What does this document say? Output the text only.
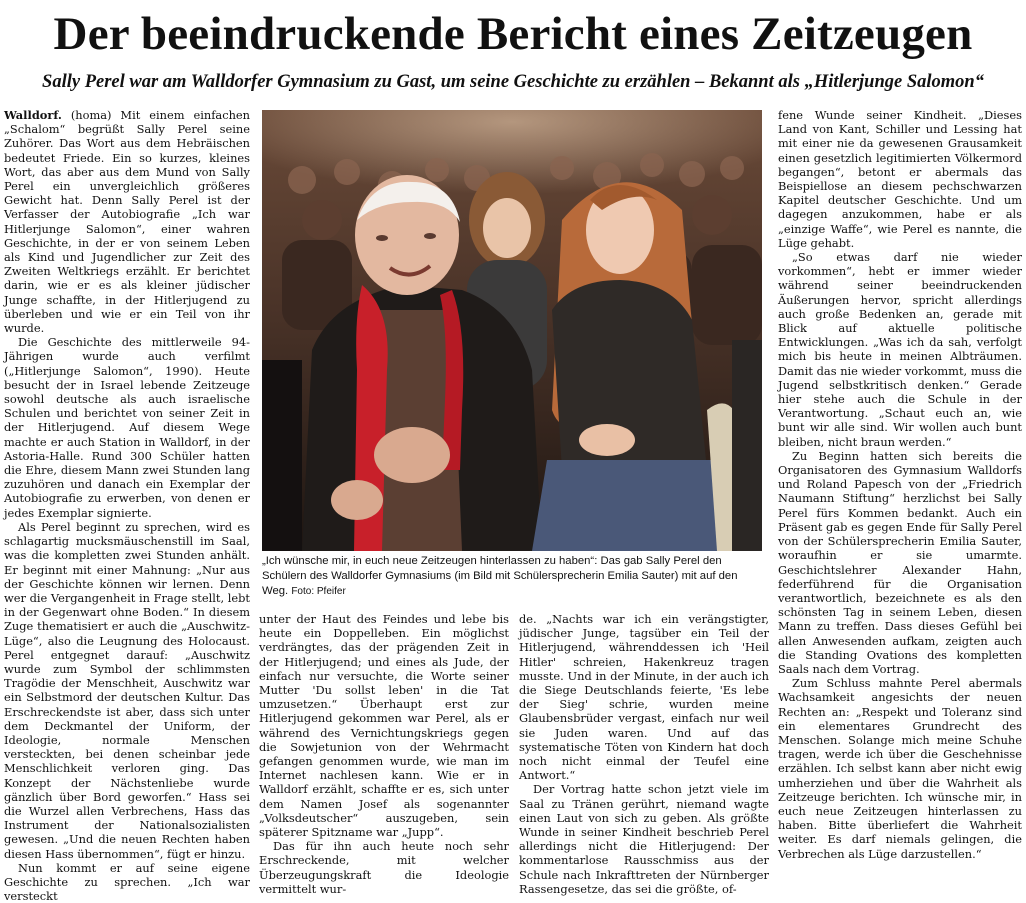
Der beeindruckende Bericht eines Zeitzeugen
Sally Perel war am Walldorfer Gymnasium zu Gast, um seine Geschichte zu erzählen – Bekannt als „Hitlerjunge Salomon“

Walldorf. (homa) Mit einem einfachen „Schalom“ begrüßt Sally Perel seine Zuhörer. Das Wort aus dem Hebräischen bedeutet Friede. Ein so kurzes, kleines Wort, das aber aus dem Mund von Sally Perel ein unvergleichlich größeres Gewicht hat. Denn Sally Perel ist der Verfasser der Autobiografie „Ich war Hitlerjunge Salomon“, einer wahren Geschichte, in der er von seinem Leben als Kind und Jugendlicher zur Zeit des Zweiten Weltkriegs erzählt. Er berichtet darin, wie er es als kleiner jüdischer Junge schaffte, in der Hitlerjugend zu überleben und wie er ein Teil von ihr wurde.

Die Geschichte des mittlerweile 94-Jährigen wurde auch verfilmt („Hitlerjunge Salomon“, 1990). Heute besucht der in Israel lebende Zeitzeuge sowohl deutsche als auch israelische Schulen und berichtet von seiner Zeit in der Hitlerjugend. Auf diesem Wege machte er auch Station in Walldorf, in der Astoria-Halle. Rund 300 Schüler hatten die Ehre, diesem Mann zwei Stunden lang zuzuhören und danach ein Exemplar der Autobiografie zu erwerben, von denen er jedes Exemplar signierte.

Als Perel beginnt zu sprechen, wird es schlagartig mucksmäuschenstill im Saal, was die kompletten zwei Stunden anhält. Er beginnt mit einer Mahnung: „Nur aus der Geschichte können wir lernen. Denn wer die Vergangenheit in Frage stellt, lebt in der Gegenwart ohne Boden.“ In diesem Zuge thematisiert er auch die „Auschwitz-Lüge“, also die Leugnung des Holocaust. Perel entgegnet darauf: „Auschwitz wurde zum Symbol der schlimmsten Tragödie der Menschheit, Auschwitz war ein Selbstmord der deutschen Kultur. Das Erschreckendste ist aber, dass sich unter dem Deckmantel der Uniform, der Ideologie, normale Menschen versteckten, bei denen scheinbar jede Menschlichkeit verloren ging. Das Konzept der Nächstenliebe wurde gänzlich über Bord geworfen.“ Hass sei die Wurzel allen Verbrechens, Hass das Instrument der Nationalsozialisten gewesen. „Und die neuen Rechten haben diesen Hass übernommen“, fügt er hinzu.

Nun kommt er auf seine eigene Geschichte zu sprechen. „Ich war versteckt

„Ich wünsche mir, in euch neue Zeitzeugen hinterlassen zu haben“: Das gab Sally Perel den Schülern des Walldorfer Gymnasiums (im Bild mit Schülersprecherin Emilia Sauter) mit auf den Weg. Foto: Pfeifer

unter der Haut des Feindes und lebe bis heute ein Doppelleben. Ein möglichst verdrängtes, das der prägenden Zeit in der Hitlerjugend; und eines als Jude, der einfach nur versuchte, die Worte seiner Mutter 'Du sollst leben' in die Tat umzusetzen.“ Überhaupt erst zur Hitlerjugend gekommen war Perel, als er während des Vernichtungskriegs gegen die Sowjetunion von der Wehrmacht gefangen genommen wurde, wie man im Internet nachlesen kann. Wie er in Walldorf erzählt, schaffte er es, sich unter dem Namen Josef als sogenannter „Volksdeutscher“ auszugeben, sein späterer Spitzname war „Jupp“.

Das für ihn auch heute noch sehr Erschreckende, mit welcher Überzeugungskraft die Ideologie vermittelt wur-

de. „Nachts war ich ein verängstigter, jüdischer Junge, tagsüber ein Teil der Hitlerjugend, währenddessen ich 'Heil Hitler' schreien, Hakenkreuz tragen musste. Und in der Minute, in der auch ich die Siege Deutschlands feierte, 'Es lebe der Sieg' schrie, wurden meine Glaubensbrüder vergast, einfach nur weil sie Juden waren. Und auf das systematische Töten von Kindern hat doch noch nicht einmal der Teufel eine Antwort.“

Der Vortrag hatte schon jetzt viele im Saal zu Tränen gerührt, niemand wagte einen Laut von sich zu geben. Als größte Wunde in seiner Kindheit beschrieb Perel allerdings nicht die Hitlerjugend: Der kommentarlose Rausschmiss aus der Schule nach Inkrafttreten der Nürnberger Rassengesetze, das sei die größte, of-

fene Wunde seiner Kindheit. „Dieses Land von Kant, Schiller und Lessing hat mit einer nie da gewesenen Grausamkeit einen gesetzlich legitimierten Völkermord begangen“, betont er abermals das Beispiellose an diesem pechschwarzen Kapitel deutscher Geschichte. Und um dagegen anzukommen, habe er als „einzige Waffe“, wie Perel es nannte, die Lüge gehabt.

„So etwas darf nie wieder vorkommen“, hebt er immer wieder während seiner beeindruckenden Äußerungen hervor, spricht allerdings auch große Bedenken an, gerade mit Blick auf aktuelle politische Entwicklungen. „Was ich da sah, verfolgt mich bis heute in meinen Albträumen. Damit das nie wieder vorkommt, muss die Jugend selbstkritisch denken.“ Gerade hier stehe auch die Schule in der Verantwortung. „Schaut euch an, wie bunt wir alle sind. Wir wollen auch bunt bleiben, nicht braun werden.“

Zu Beginn hatten sich bereits die Organisatoren des Gymnasium Walldorfs und Roland Papesch von der „Friedrich Naumann Stiftung“ herzlichst bei Sally Perel fürs Kommen bedankt. Auch ein Präsent gab es gegen Ende für Sally Perel von der Schülersprecherin Emilia Sauter, woraufhin er sie umarmte. Geschichtslehrer Alexander Hahn, federführend für die Organisation verantwortlich, bezeichnete es als den schönsten Tag in seinem Leben, diesen Mann zu treffen. Dass dieses Gefühl bei allen Anwesenden aufkam, zeigten auch die Standing Ovations des kompletten Saals nach dem Vortrag.

Zum Schluss mahnte Perel abermals Wachsamkeit angesichts der neuen Rechten an: „Respekt und Toleranz sind ein elementares Grundrecht des Menschen. Solange mich meine Schuhe tragen, werde ich über die Geschehnisse erzählen. Ich selbst kann aber nicht ewig umherziehen und über die Wahrheit als Zeitzeuge berichten. Ich wünsche mir, in euch neue Zeitzeugen hinterlassen zu haben. Bitte überliefert die Wahrheit weiter. Es darf niemals gelingen, die Verbrechen als Lüge darzustellen.“
